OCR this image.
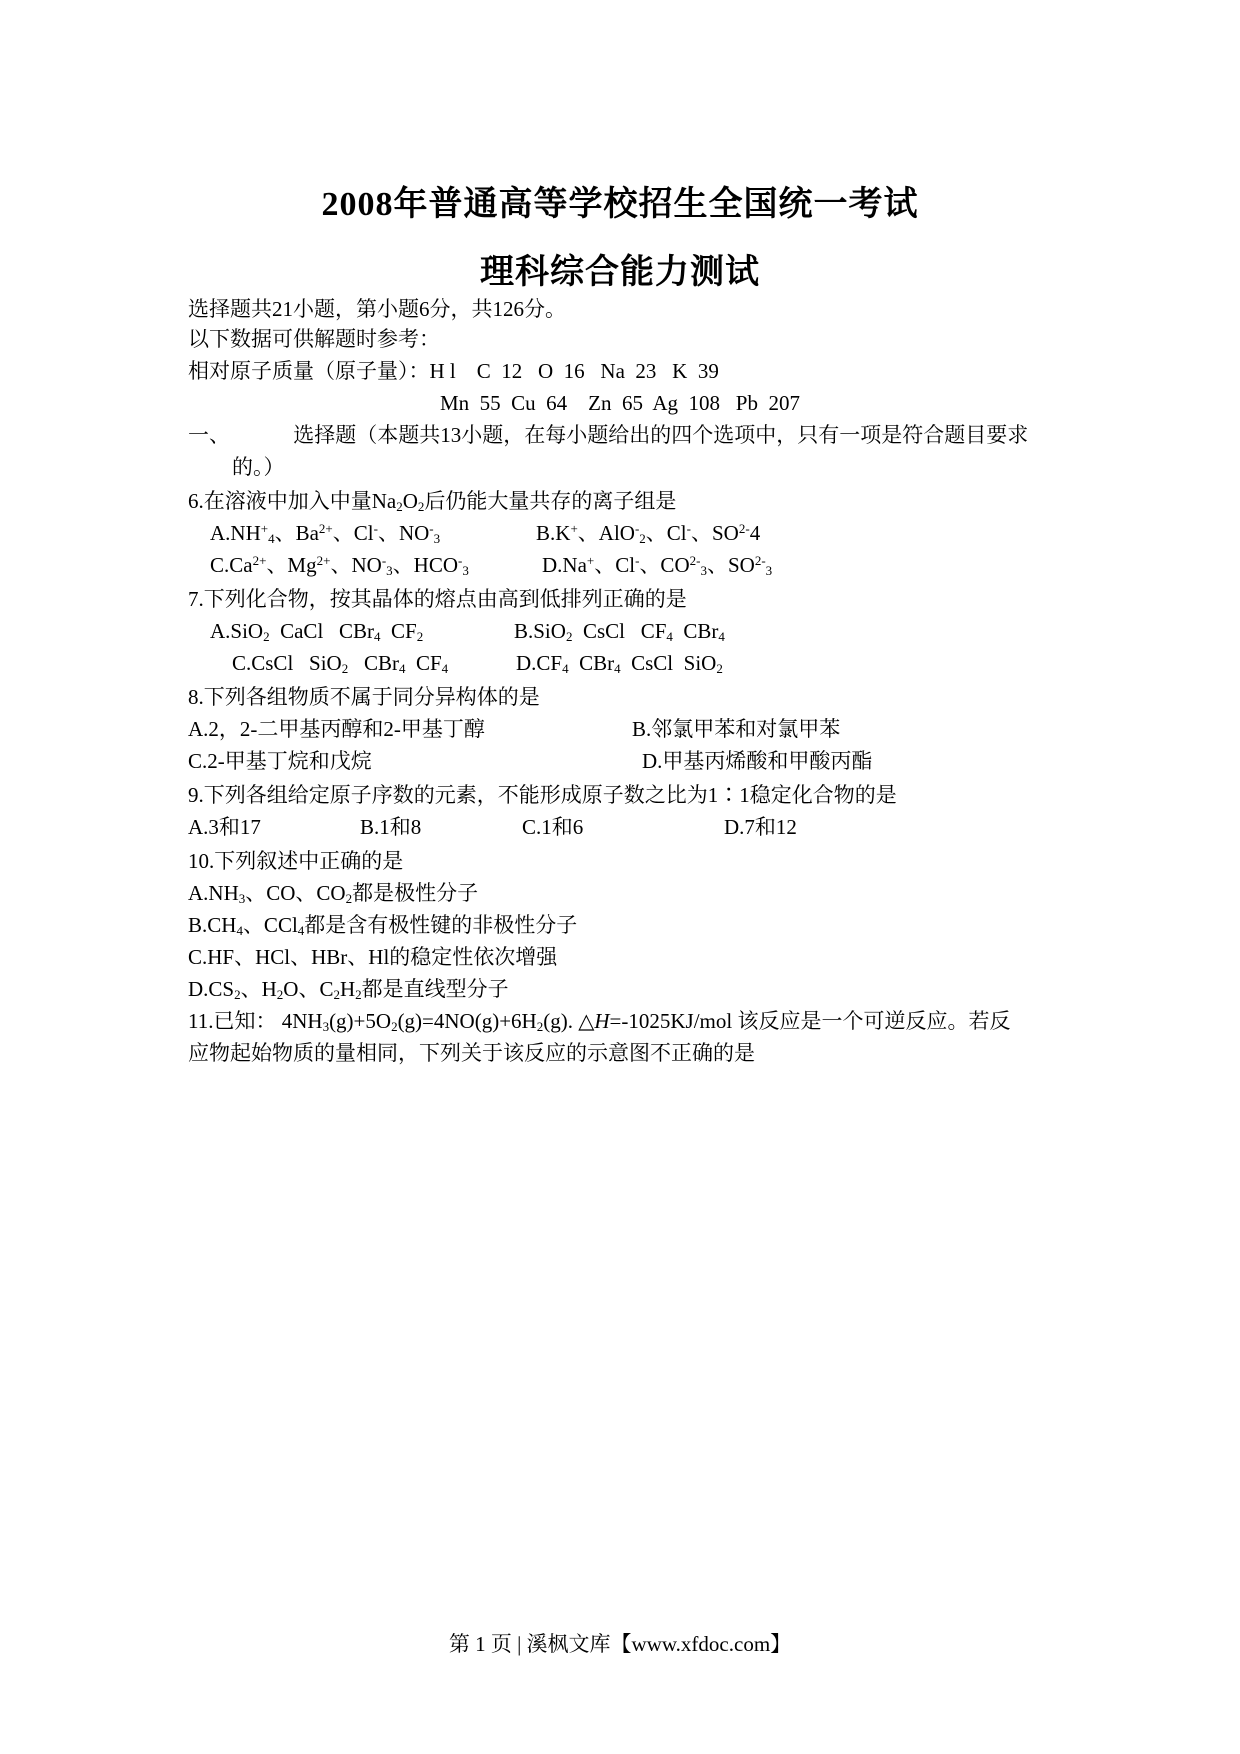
2008年普通高等学校招生全国统一考试
理科综合能力测试
选择题共21小题，第小题6分，共126分。
以下数据可供解题时参考：
相对原子质量（原子量）：H l    C  12   O  16   Na  23   K  39
Mn  55  Cu  64    Zn  65  Ag  108   Pb  207
一、	选择题（本题共13小题，在每小题给出的四个选项中，只有一项是符合题目要求
的。）
6.在溶液中加入中量$Na_2O_2$后仍能大量共存的离子组是
$A.NH^+_4$、$Ba^{2+}$、Cl-、$NO^-_3$	B.K+、AlO-$_2$、Cl-、$SO^{2-}4$
$C.Ca^{2+}$、$Mg^{2+}$、$NO^-_3$、$HCO^-_3$	D.Na+、Cl-、$CO^{2-}_3$、$SO^{2-}_3$
7.下列化合物，按其晶体的熔点由高到低排列正确的是
A.SiO$_2$  CaCl   CBr$_4$  $CF_2$	B.SiO$_2$  CsCl   $CF_4$  CBr$_4$
C.CsCl   SiO$_2$   CBr$_4$  $CF_4$	$D.CF_4$  CBr$_4$  CsCl  SiO$_2$
8.下列各组物质不属于同分异构体的是
A.2，2-二甲基丙醇和2-甲基丁醇	B.邻氯甲苯和对氯甲苯
C.2-甲基丁烷和戊烷	D.甲基丙烯酸和甲酸丙酯
9.下列各组给定原子序数的元素，不能形成原子数之比为1∶1稳定化合物的是
A.3和17	B.1和8	C.1和6	D.7和12
10.下列叙述中正确的是
$A.NH_3$、CO、$CO_2$都是极性分子
$B.CH_4$、CCl$_4$都是含有极性键的非极性分子
C.HF、HCl、HBr、Hl的稳定性依次增强
$D.CS_2$、$H_2O$、$C_2H_2$都是直线型分子
11.已知： $4NH_3(g)+5O_2(g)=4NO(g)+6H_2(g)$. △H=-1025KJ/mol 该反应是一个可逆反应。若反
应物起始物质的量相同，下列关于该反应的示意图不正确的是
第 1 页 | 溪枫文库【www.xfdoc.com】
